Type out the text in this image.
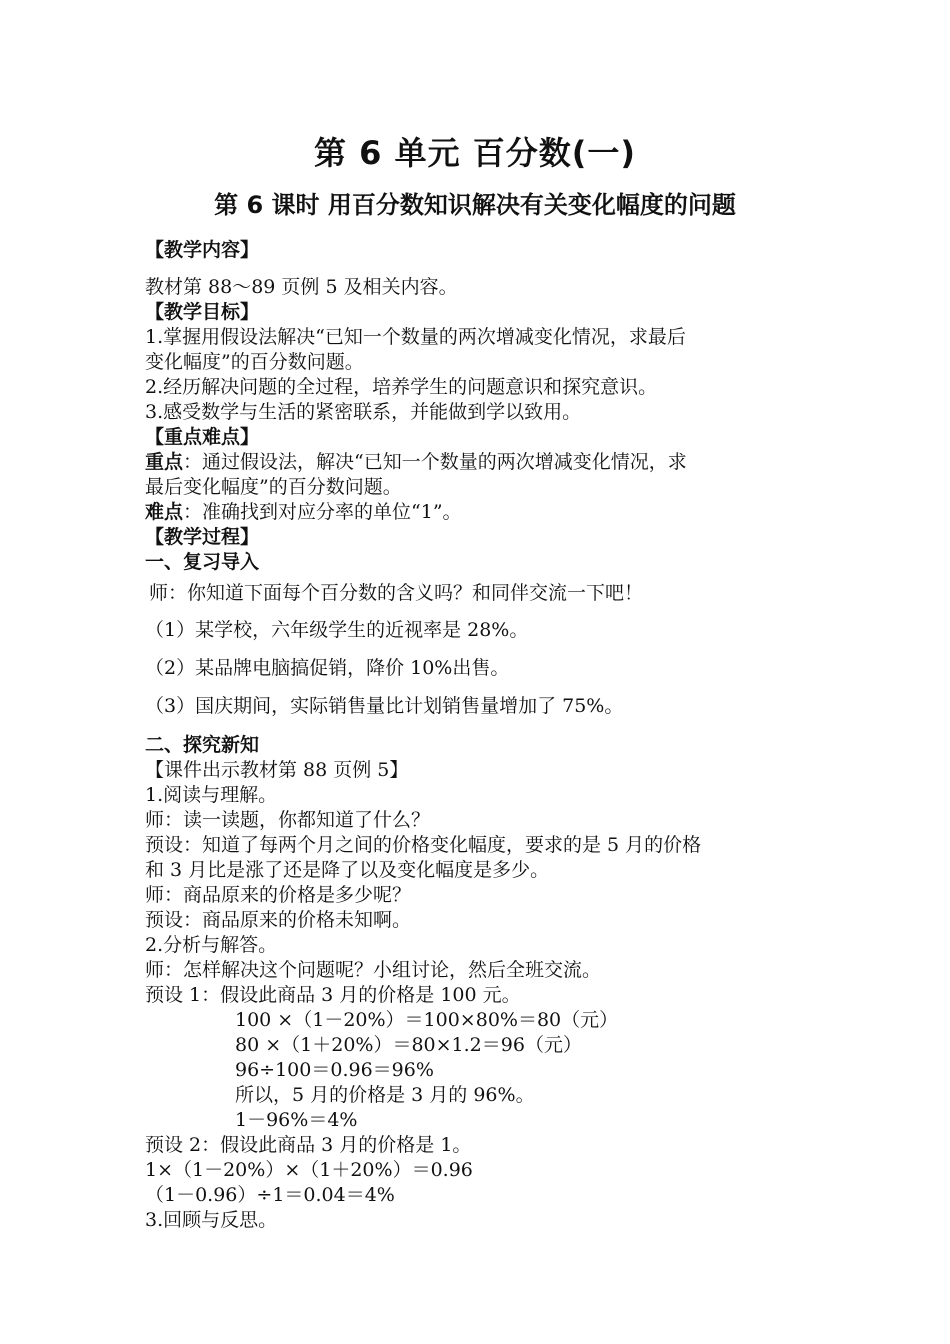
第 6 单元 百分数(一)
第 6 课时 用百分数知识解决有关变化幅度的问题
【教学内容】
教材第 88～89 页例 5 及相关内容。
【教学目标】
1.掌握用假设法解决“已知一个数量的两次增减变化情况，求最后
变化幅度”的百分数问题。
2.经历解决问题的全过程，培养学生的问题意识和探究意识。
3.感受数学与生活的紧密联系，并能做到学以致用。
【重点难点】
重点：通过假设法，解决“已知一个数量的两次增减变化情况，求
最后变化幅度”的百分数问题。
难点：准确找到对应分率的单位“1”。
【教学过程】
一、复习导入
师：你知道下面每个百分数的含义吗？和同伴交流一下吧！
（1）某学校，六年级学生的近视率是 28%。
（2）某品牌电脑搞促销，降价 10%出售。
（3）国庆期间，实际销售量比计划销售量增加了 75%。
二、探究新知
【课件出示教材第 88 页例 5】
1.阅读与理解。
师：读一读题，你都知道了什么？
预设：知道了每两个月之间的价格变化幅度，要求的是 5 月的价格
和 3 月比是涨了还是降了以及变化幅度是多少。
师：商品原来的价格是多少呢？
预设：商品原来的价格未知啊。
2.分析与解答。
师：怎样解决这个问题呢？小组讨论，然后全班交流。
预设 1：假设此商品 3 月的价格是 100 元。
100 ×（1－20%）＝100×80%＝80（元）
80 ×（1＋20%）＝80×1.2＝96（元）
96÷100＝0.96＝96%
所以，5 月的价格是 3 月的 96%。
1－96%＝4%
预设 2：假设此商品 3 月的价格是 1。
1×（1－20%）×（1＋20%）＝0.96
（1－0.96）÷1＝0.04＝4%
3.回顾与反思。
